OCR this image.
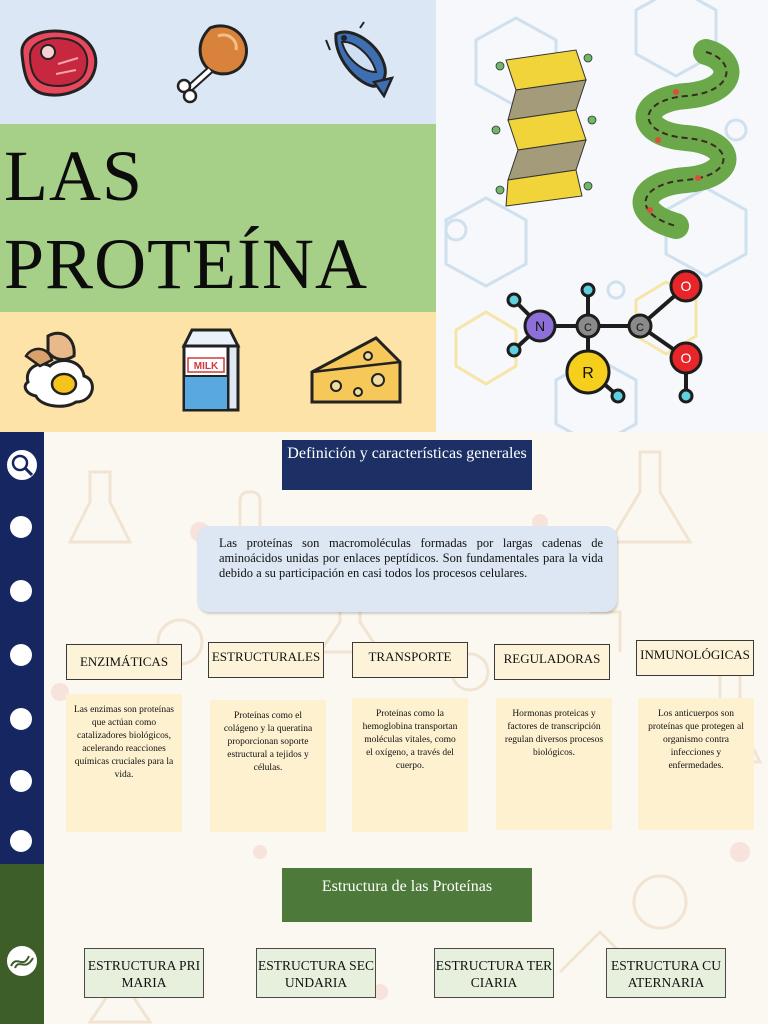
LAS
PROTEÍNA
MILK
N	C	C
R
O
O
Definición y características generales
Las proteínas son macromoléculas formadas por largas cadenas de aminoácidos unidas por enlaces peptídicos. Son fundamentales para la vida debido a su participación en casi todos los procesos celulares.
ENZIMÁTICAS
Las enzimas son proteínas que actúan como catalizadores biológicos, acelerando reacciones químicas cruciales para la vida.
ESTRUCTURALES
Proteínas como el colágeno y la queratina proporcionan soporte estructural a tejidos y células.
TRANSPORTE
Proteínas como la hemoglobina transportan moléculas vitales, como el oxígeno, a través del cuerpo.
REGULADORAS
Hormonas proteicas y factores de transcripción regulan diversos procesos biológicos.
INMUNOLÓGICAS
Los anticuerpos son proteínas que protegen al organismo contra infecciones y enfermedades.
Estructura de las Proteínas
ESTRUCTURA PRIMARIA
ESTRUCTURA SECUNDARIA
ESTRUCTURA TERCIARIA
ESTRUCTURA CUATERNARIA
